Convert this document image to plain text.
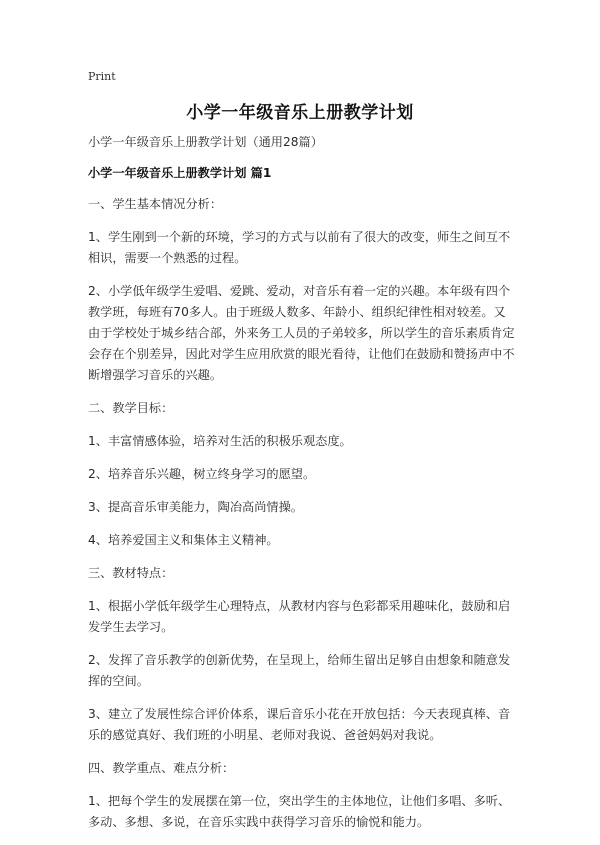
Print
小学一年级音乐上册教学计划

小学一年级音乐上册教学计划（通用28篇）

小学一年级音乐上册教学计划 篇1

一、学生基本情况分析：

1、学生刚到一个新的环境，学习的方式与以前有了很大的改变，师生之间互不相识，需要一个熟悉的过程。

2、小学低年级学生爱唱、爱跳、爱动，对音乐有着一定的兴趣。本年级有四个教学班，每班有70多人。由于班级人数多、年龄小、组织纪律性相对较差。又由于学校处于城乡结合部，外来务工人员的子弟较多，所以学生的音乐素质肯定会存在个别差异，因此对学生应用欣赏的眼光看待，让他们在鼓励和赞扬声中不断增强学习音乐的兴趣。

二、教学目标：

1、丰富情感体验，培养对生活的积极乐观态度。

2、培养音乐兴趣，树立终身学习的愿望。

3、提高音乐审美能力，陶冶高尚情操。

4、培养爱国主义和集体主义精神。

三、教材特点：

1、根据小学低年级学生心理特点，从教材内容与色彩都采用趣味化，鼓励和启发学生去学习。

2、发挥了音乐教学的创新优势，在呈现上，给师生留出足够自由想象和随意发挥的空间。

3、建立了发展性综合评价体系，课后音乐小花在开放包括：今天表现真棒、音乐的感觉真好、我们班的小明星、老师对我说、爸爸妈妈对我说。

四、教学重点、难点分析：

1、把每个学生的发展摆在第一位，突出学生的主体地位，让他们多唱、多听、多动、多想、多说，在音乐实践中获得学习音乐的愉悦和能力。
